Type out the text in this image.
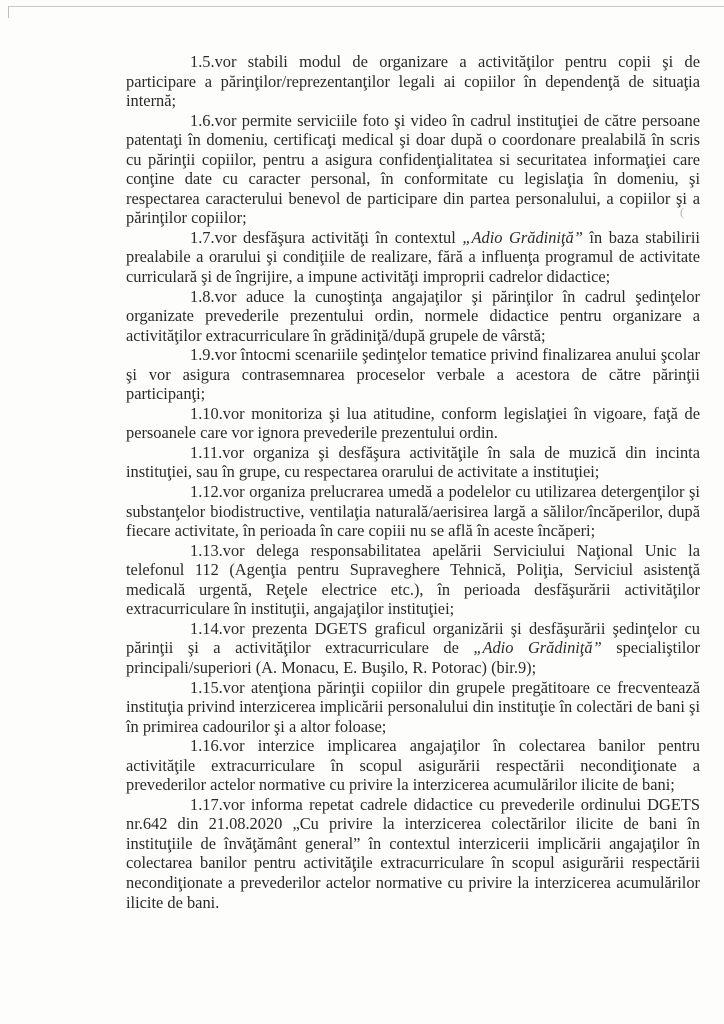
1.5.vor stabili modul de organizare a activităţilor pentru copii şi de participare a părinţilor/reprezentanţilor legali ai copiilor în dependenţă de situaţia internă;

1.6.vor permite serviciile foto şi video în cadrul instituţiei de către persoane patentaţi în domeniu, certificaţi medical şi doar după o coordonare prealabilă în scris cu părinţii copiilor, pentru a asigura confidenţialitatea si securitatea informaţiei care conţine date cu caracter personal, în conformitate cu legislaţia în domeniu, şi respectarea caracterului benevol de participare din partea personalului, a copiilor şi a părinţilor copiilor;

1.7.vor desfăşura activităţi în contextul „Adio Grădiniţă” în baza stabilirii prealabile a orarului şi condiţiile de realizare, fără a influenţa programul de activitate curriculară şi de îngrijire, a impune activităţi improprii cadrelor didactice;

1.8.vor aduce la cunoştinţa angajaţilor şi părinţilor în cadrul şedinţelor organizate prevederile prezentului ordin, normele didactice pentru organizare a activităţilor extracurriculare în grădiniţă/după grupele de vârstă;

1.9.vor întocmi scenariile şedinţelor tematice privind finalizarea anului şcolar şi vor asigura contrasemnarea proceselor verbale a acestora de către părinţii participanţi;

1.10.vor monitoriza şi lua atitudine, conform legislaţiei în vigoare, faţă de persoanele care vor ignora prevederile prezentului ordin.

1.11.vor organiza şi desfăşura activităţile în sala de muzică din incinta instituţiei, sau în grupe, cu respectarea orarului de activitate a instituţiei;

1.12.vor organiza prelucrarea umedă a podelelor cu utilizarea detergenţilor şi substanţelor biodistructive, ventilaţia naturală/aerisirea largă a sălilor/încăperilor, după fiecare activitate, în perioada în care copiii nu se află în aceste încăperi;

1.13.vor delega responsabilitatea apelării Serviciului Naţional Unic la telefonul 112 (Agenţia pentru Supraveghere Tehnică, Poliţia, Serviciul asistenţă medicală urgentă, Reţele electrice etc.), în perioada desfăşurării activităţilor extracurriculare în instituţii, angajaţilor instituţiei;

1.14.vor prezenta DGETS graficul organizării şi desfăşurării şedinţelor cu părinţii şi a activităţilor extracurriculare de „Adio Grădiniţă” specialiştilor principali/superiori (A. Monacu, E. Buşilo, R. Potorac) (bir.9);

1.15.vor atenţiona părinţii copiilor din grupele pregătitoare ce frecventează instituţia privind interzicerea implicării personalului din instituţie în colectări de bani şi în primirea cadourilor şi a altor foloase;

1.16.vor interzice implicarea angajaţilor în colectarea banilor pentru activităţile extracurriculare în scopul asigurării respectării necondiţionate a prevederilor actelor normative cu privire la interzicerea acumulărilor ilicite de bani;

1.17.vor informa repetat cadrele didactice cu prevederile ordinului DGETS nr.642 din 21.08.2020 „Cu privire la interzicerea colectărilor ilicite de bani în instituţiile de învăţământ general” în contextul interzicerii implicării angajaţilor în colectarea banilor pentru activităţile extracurriculare în scopul asigurării respectării necondiţionate a prevederilor actelor normative cu privire la interzicerea acumulărilor ilicite de bani.

(
